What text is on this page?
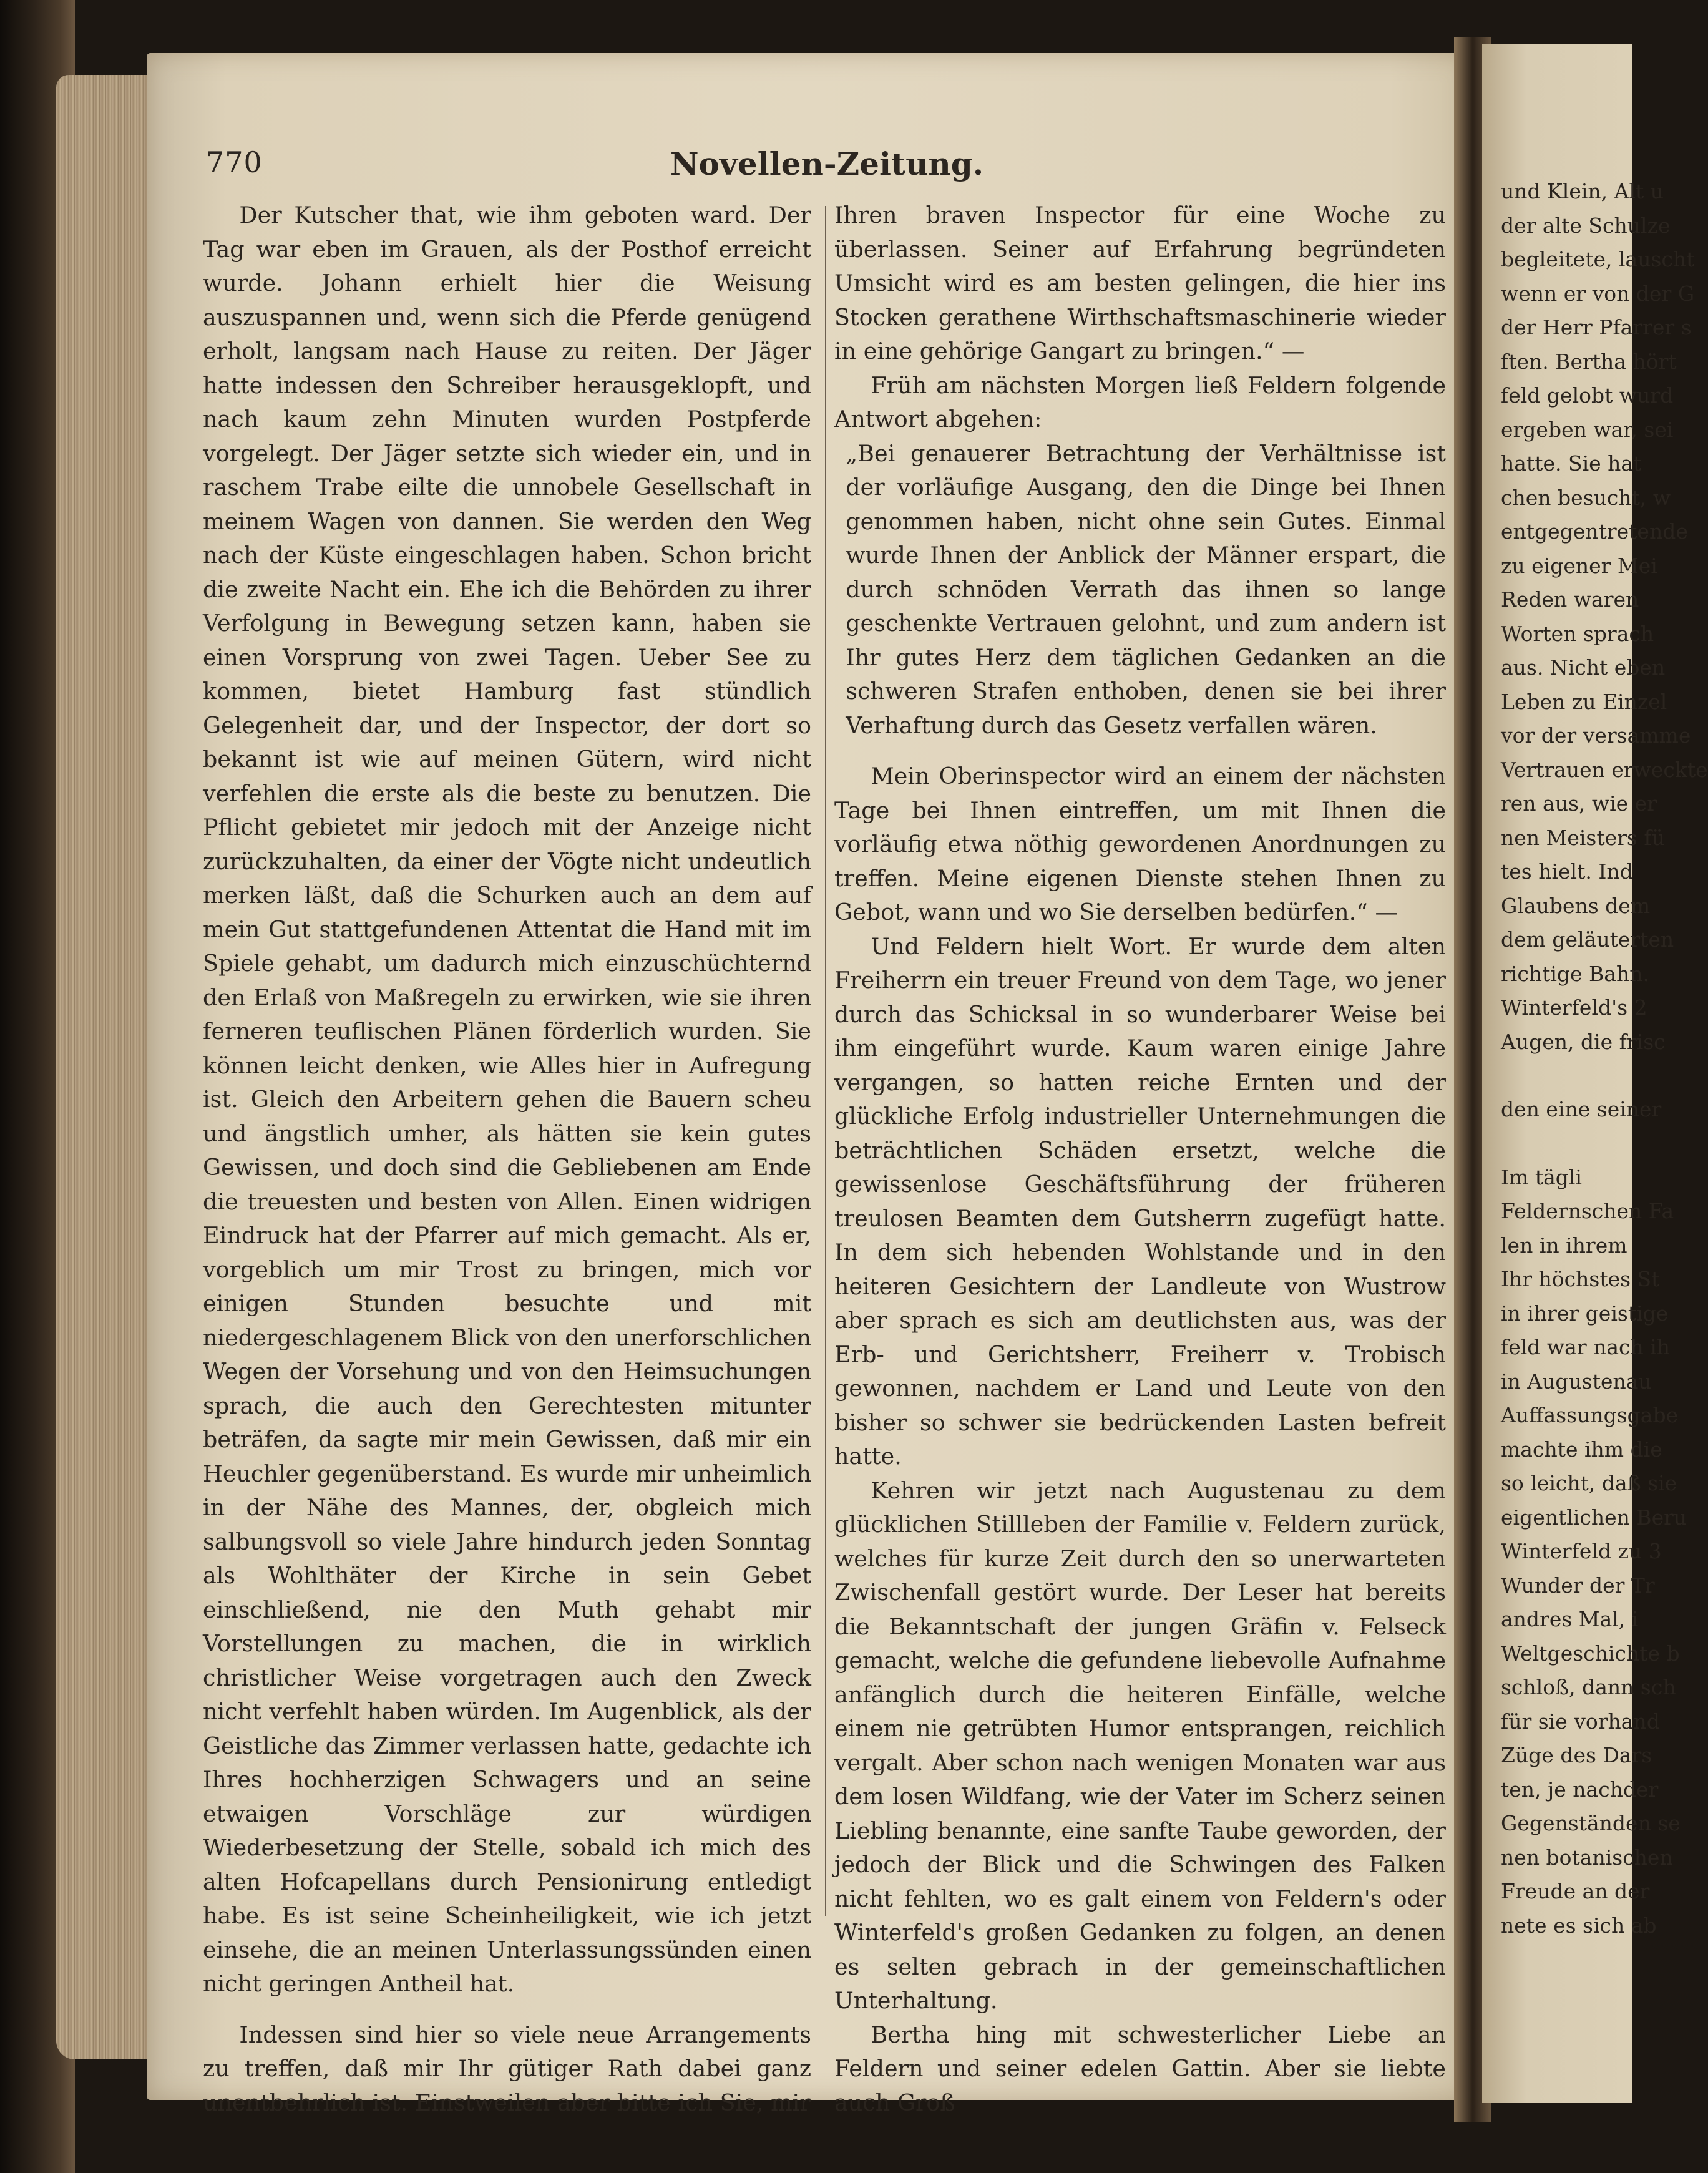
und Klein, Alt u
der alte Schulze
begleitete, lauscht
wenn er von der G
der Herr Pfarrer s
ften. Bertha hört
feld gelobt wurd
ergeben war, sei
hatte. Sie hat
chen besucht, w
entgegentretende
zu eigener Mei
Reden waren
Worten sprach
aus. Nicht eben
Leben zu Einzel
vor der versamme
Vertrauen erweckte
ren aus, wie er
nen Meisters fü
tes hielt. Ind
Glaubens dem
dem geläuterten
richtige Bahn.
Winterfeld's 2
Augen, die frisc
den eine seiner
Im tägli
Feldernschen Fa
len in ihrem
Ihr höchstes St
in ihrer geistige
feld war nach ih
in Augustenau
Auffassungsgabe
machte ihm die
so leicht, daß sie
eigentlichen Beru
Winterfeld zu 3
Wunder der Tr
andres Mal, i
Weltgeschichte b
schloß, dann sch
für sie vorhand
Züge des Dars
ten, je nachder
Gegenständen se
nen botanischen
Freude an der
nete es sich ab
770	Novellen-Zeitung.

Der Kutscher that, wie ihm geboten ward. Der Tag war eben im Grauen, als der Posthof erreicht wurde. Johann erhielt hier die Weisung auszuspannen und, wenn sich die Pferde genügend erholt, langsam nach Hause zu reiten. Der Jäger hatte indessen den Schreiber herausgeklopft, und nach kaum zehn Minuten wurden Postpferde vorgelegt. Der Jäger setzte sich wieder ein, und in raschem Trabe eilte die unnobele Gesellschaft in meinem Wagen von dannen. Sie werden den Weg nach der Küste eingeschlagen haben. Schon bricht die zweite Nacht ein. Ehe ich die Behörden zu ihrer Verfolgung in Bewegung setzen kann, haben sie einen Vorsprung von zwei Tagen. Ueber See zu kommen, bietet Hamburg fast stündlich Gelegenheit dar, und der Inspector, der dort so bekannt ist wie auf meinen Gütern, wird nicht verfehlen die erste als die beste zu benutzen. Die Pflicht gebietet mir jedoch mit der Anzeige nicht zurückzuhalten, da einer der Vögte nicht undeutlich merken läßt, daß die Schurken auch an dem auf mein Gut stattgefundenen Attentat die Hand mit im Spiele gehabt, um dadurch mich einzuschüchternd den Erlaß von Maßregeln zu erwirken, wie sie ihren ferneren teuflischen Plänen förderlich wurden. Sie können leicht denken, wie Alles hier in Aufregung ist. Gleich den Arbeitern gehen die Bauern scheu und ängstlich umher, als hätten sie kein gutes Gewissen, und doch sind die Gebliebenen am Ende die treuesten und besten von Allen. Einen widrigen Eindruck hat der Pfarrer auf mich gemacht. Als er, vorgeblich um mir Trost zu bringen, mich vor einigen Stunden besuchte und mit niedergeschlagenem Blick von den unerforschlichen Wegen der Vorsehung und von den Heimsuchungen sprach, die auch den Gerechtesten mitunter beträfen, da sagte mir mein Gewissen, daß mir ein Heuchler gegenüberstand. Es wurde mir unheimlich in der Nähe des Mannes, der, obgleich mich salbungsvoll so viele Jahre hindurch jeden Sonntag als Wohlthäter der Kirche in sein Gebet einschließend, nie den Muth gehabt mir Vorstellungen zu machen, die in wirklich christlicher Weise vorgetragen auch den Zweck nicht verfehlt haben würden. Im Augenblick, als der Geistliche das Zimmer verlassen hatte, gedachte ich Ihres hochherzigen Schwagers und an seine etwaigen Vorschläge zur würdigen Wiederbesetzung der Stelle, sobald ich mich des alten Hofcapellans durch Pensionirung entledigt habe. Es ist seine Scheinheiligkeit, wie ich jetzt einsehe, die an meinen Unterlassungssünden einen nicht geringen Antheil hat.

Indessen sind hier so viele neue Arrangements zu treffen, daß mir Ihr gütiger Rath dabei ganz unentbehrlich ist. Einstweilen aber bitte ich Sie, mir

Ihren braven Inspector für eine Woche zu überlassen. Seiner auf Erfahrung begründeten Umsicht wird es am besten gelingen, die hier ins Stocken gerathene Wirthschaftsmaschinerie wieder in eine gehörige Gangart zu bringen.“ —

Früh am nächsten Morgen ließ Feldern folgende Antwort abgehen:

„Bei genauerer Betrachtung der Verhältnisse ist der vorläufige Ausgang, den die Dinge bei Ihnen genommen haben, nicht ohne sein Gutes. Einmal wurde Ihnen der Anblick der Männer erspart, die durch schnöden Verrath das ihnen so lange geschenkte Vertrauen gelohnt, und zum andern ist Ihr gutes Herz dem täglichen Gedanken an die schweren Strafen enthoben, denen sie bei ihrer Verhaftung durch das Gesetz verfallen wären.

Mein Oberinspector wird an einem der nächsten Tage bei Ihnen eintreffen, um mit Ihnen die vorläufig etwa nöthig gewordenen Anordnungen zu treffen. Meine eigenen Dienste stehen Ihnen zu Gebot, wann und wo Sie derselben bedürfen.“ —

Und Feldern hielt Wort. Er wurde dem alten Freiherrn ein treuer Freund von dem Tage, wo jener durch das Schicksal in so wunderbarer Weise bei ihm eingeführt wurde. Kaum waren einige Jahre vergangen, so hatten reiche Ernten und der glückliche Erfolg industrieller Unternehmungen die beträchtlichen Schäden ersetzt, welche die gewissenlose Geschäftsführung der früheren treulosen Beamten dem Gutsherrn zugefügt hatte. In dem sich hebenden Wohlstande und in den heiteren Gesichtern der Landleute von Wustrow aber sprach es sich am deutlichsten aus, was der Erb- und Gerichtsherr, Freiherr v. Trobisch gewonnen, nachdem er Land und Leute von den bisher so schwer sie bedrückenden Lasten befreit hatte.

Kehren wir jetzt nach Augustenau zu dem glücklichen Stillleben der Familie v. Feldern zurück, welches für kurze Zeit durch den so unerwarteten Zwischenfall gestört wurde. Der Leser hat bereits die Bekanntschaft der jungen Gräfin v. Felseck gemacht, welche die gefundene liebevolle Aufnahme anfänglich durch die heiteren Einfälle, welche einem nie getrübten Humor entsprangen, reichlich vergalt. Aber schon nach wenigen Monaten war aus dem losen Wildfang, wie der Vater im Scherz seinen Liebling benannte, eine sanfte Taube geworden, der jedoch der Blick und die Schwingen des Falken nicht fehlten, wo es galt einem von Feldern's oder Winterfeld's großen Gedanken zu folgen, an denen es selten gebrach in der gemeinschaftlichen Unterhaltung.

Bertha hing mit schwesterlicher Liebe an Feldern und seiner edelen Gattin. Aber sie liebte auch Groß
